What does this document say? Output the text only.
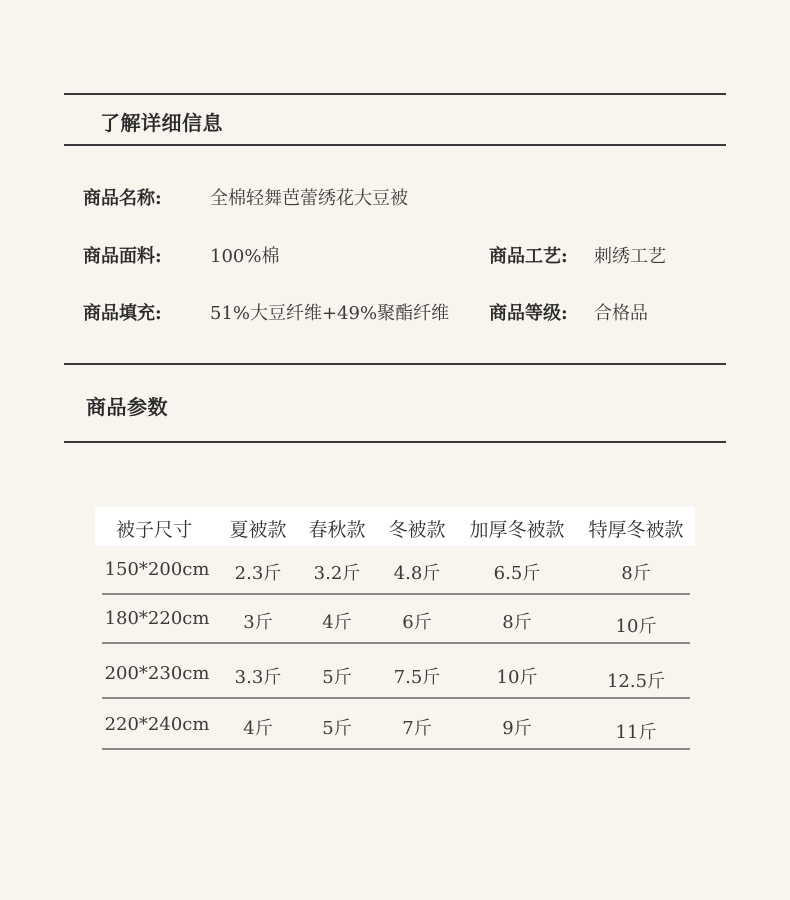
了解详细信息
商品名称:	全棉轻舞芭蕾绣花大豆被
商品面料:	100%棉	商品工艺: 刺绣工艺
商品填充:	51%大豆纤维+49%聚酯纤维 商品等级: 合格品
商品参数
被子尺寸 夏被款 春秋款 冬被款 加厚冬被款 特厚冬被款
150*200cm 2.3斤 3.2斤 4.8斤	6.5斤	8斤
180*220cm 3斤	4斤	6斤	8斤	10斤
200*230cm 3.3斤 5斤 7.5斤	10斤	12.5斤
220*240cm 4斤	5斤	7斤	9斤	11斤
